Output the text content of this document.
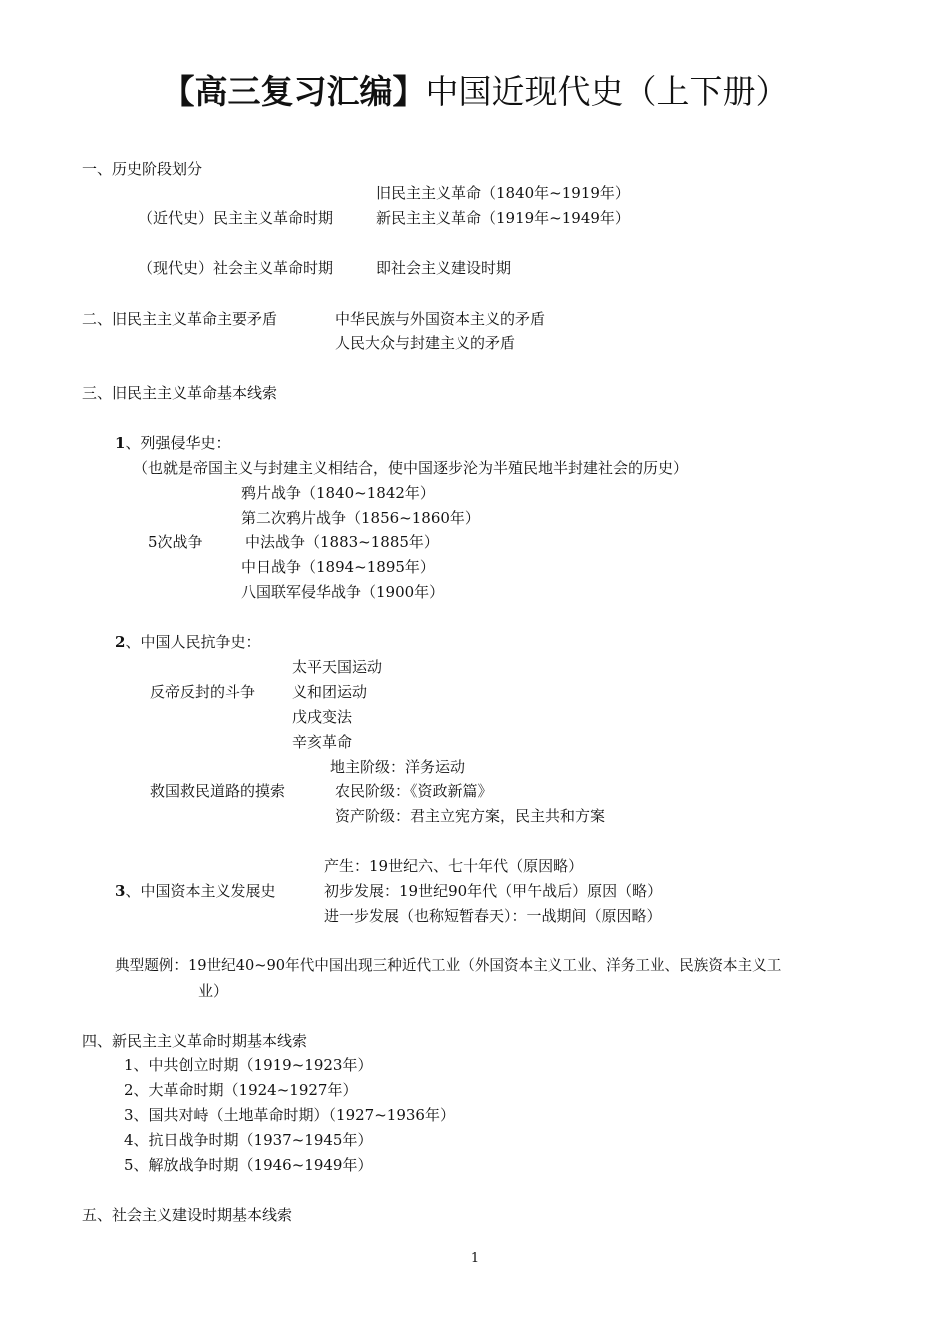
【高三复习汇编】中国近现代史（上下册）
一、历史阶段划分
旧民主主义革命（1840年~1919年）
（近代史）民主主义革命时期	新民主主义革命（1919年~1949年）
（现代史）社会主义革命时期	即社会主义建设时期
二、旧民主主义革命主要矛盾	中华民族与外国资本主义的矛盾
人民大众与封建主义的矛盾
三、旧民主主义革命基本线索
1、列强侵华史：
（也就是帝国主义与封建主义相结合，使中国逐步沦为半殖民地半封建社会的历史）
鸦片战争（1840~1842年）
第二次鸦片战争（1856~1860年）
5次战争	中法战争（1883~1885年）
中日战争（1894~1895年）
八国联军侵华战争（1900年）
2、中国人民抗争史：
太平天国运动
反帝反封的斗争 义和团运动
戊戌变法
辛亥革命
地主阶级：洋务运动
救国救民道路的摸索	农民阶级：《资政新篇》
资产阶级：君主立宪方案，民主共和方案
产生：19世纪六、七十年代（原因略）
3、中国资本主义发展史	初步发展：19世纪90年代（甲午战后）原因（略）
进一步发展（也称短暂春天）：一战期间（原因略）
典型题例：19世纪40~90年代中国出现三种近代工业（外国资本主义工业、洋务工业、民族资本主义工
业）
四、新民主主义革命时期基本线索
1、中共创立时期（1919~1923年）
2、大革命时期（1924~1927年）
3、国共对峙（土地革命时期）（1927~1936年）
4、抗日战争时期（1937~1945年）
5、解放战争时期（1946~1949年）
五、社会主义建设时期基本线索
1
